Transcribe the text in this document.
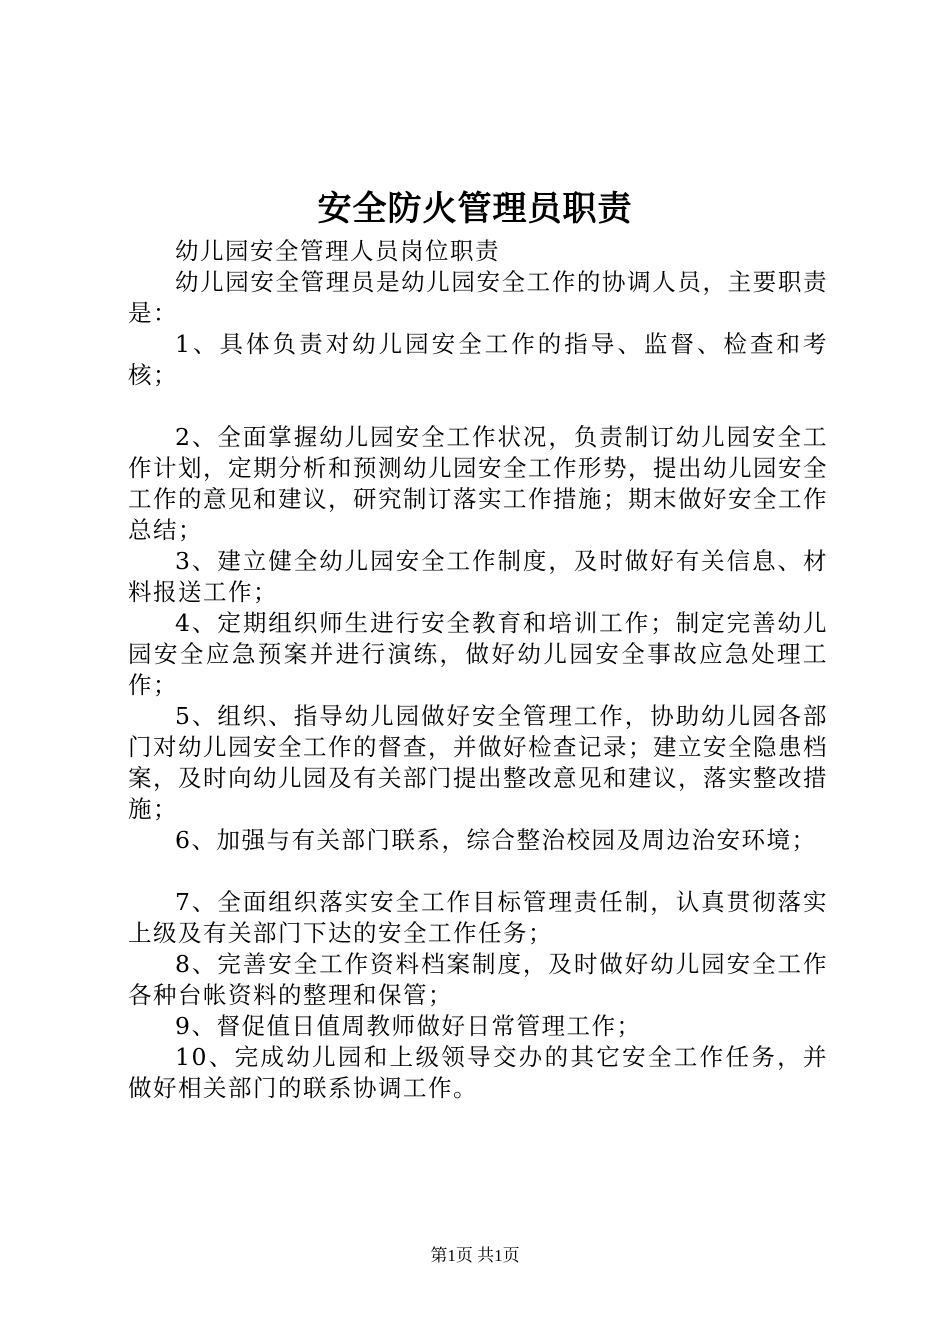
安全防火管理员职责

幼儿园安全管理人员岗位职责

幼儿园安全管理员是幼儿园安全工作的协调人员，主要职责是：

1、具体负责对幼儿园安全工作的指导、监督、检查和考核；

2、全面掌握幼儿园安全工作状况，负责制订幼儿园安全工作计划，定期分析和预测幼儿园安全工作形势，提出幼儿园安全工作的意见和建议，研究制订落实工作措施；期末做好安全工作总结；

3、建立健全幼儿园安全工作制度，及时做好有关信息、材料报送工作；

4、定期组织师生进行安全教育和培训工作；制定完善幼儿园安全应急预案并进行演练，做好幼儿园安全事故应急处理工作；

5、组织、指导幼儿园做好安全管理工作，协助幼儿园各部门对幼儿园安全工作的督查，并做好检查记录；建立安全隐患档案，及时向幼儿园及有关部门提出整改意见和建议，落实整改措施；

6、加强与有关部门联系，综合整治校园及周边治安环境；

7、全面组织落实安全工作目标管理责任制，认真贯彻落实上级及有关部门下达的安全工作任务；

8、完善安全工作资料档案制度，及时做好幼儿园安全工作各种台帐资料的整理和保管；

9、督促值日值周教师做好日常管理工作；

10、完成幼儿园和上级领导交办的其它安全工作任务，并做好相关部门的联系协调工作。

第1页 共1页
